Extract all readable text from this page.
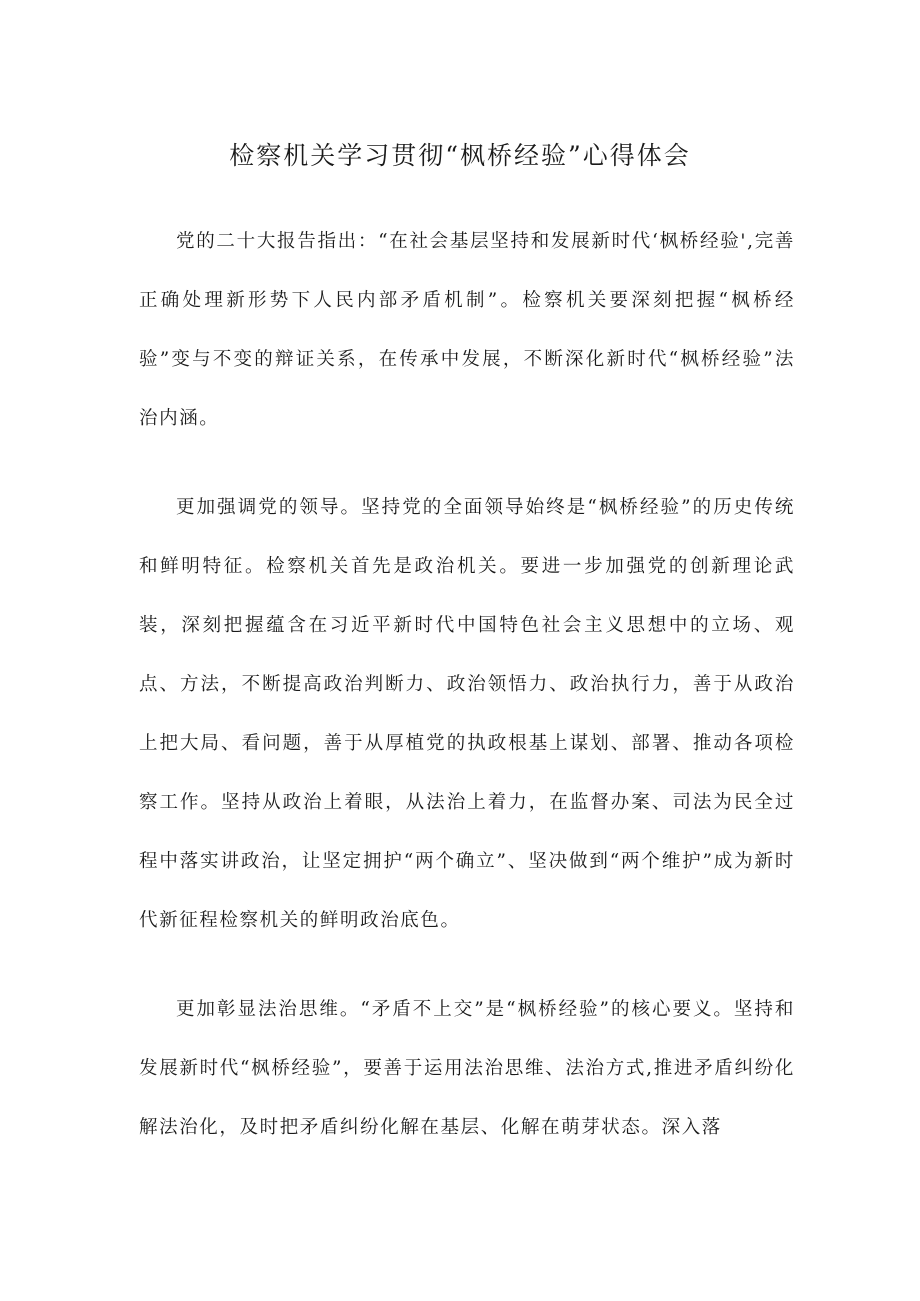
检察机关学习贯彻“枫桥经验”心得体会

党的二十大报告指出：“在社会基层坚持和发展新时代‘枫桥经验',完善正确处理新形势下人民内部矛盾机制”。检察机关要深刻把握“枫桥经验”变与不变的辩证关系，在传承中发展，不断深化新时代“枫桥经验”法治内涵。

更加强调党的领导。坚持党的全面领导始终是“枫桥经验”的历史传统和鲜明特征。检察机关首先是政治机关。要进一步加强党的创新理论武装，深刻把握蕴含在习近平新时代中国特色社会主义思想中的立场、观点、方法，不断提高政治判断力、政治领悟力、政治执行力，善于从政治上把大局、看问题，善于从厚植党的执政根基上谋划、部署、推动各项检察工作。坚持从政治上着眼，从法治上着力，在监督办案、司法为民全过程中落实讲政治，让坚定拥护“两个确立”、坚决做到“两个维护”成为新时代新征程检察机关的鲜明政治底色。

更加彰显法治思维。“矛盾不上交”是“枫桥经验”的核心要义。坚持和发展新时代“枫桥经验”，要善于运用法治思维、法治方式,推进矛盾纠纷化解法治化，及时把矛盾纠纷化解在基层、化解在萌芽状态。深入落
